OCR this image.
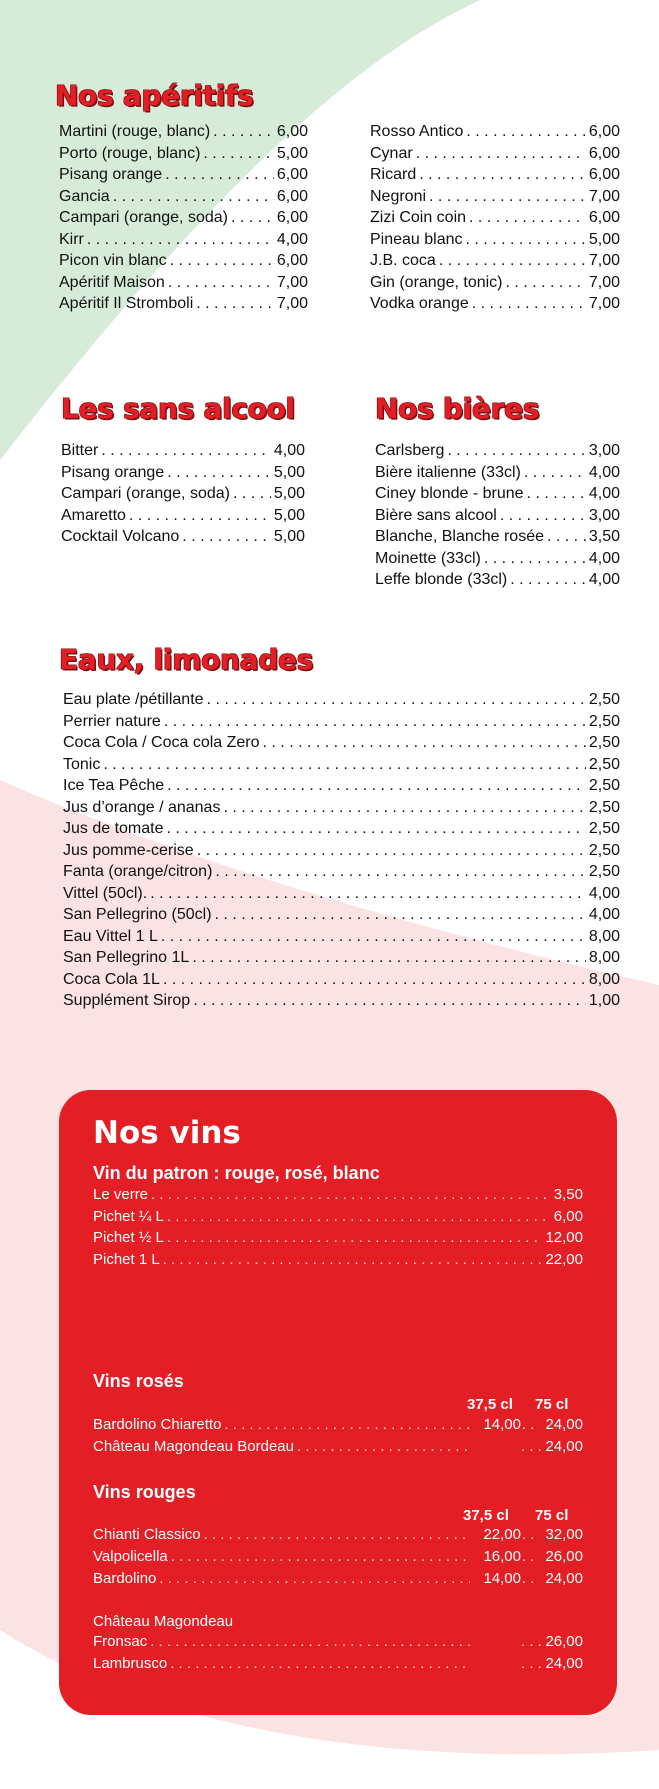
Nos apéritifs
Martini (rouge, blanc) . . .	6,00
Porto (rouge, blanc) . . .	5,00
Pisang orange . . .	6,00
Gancia . . .	6,00
Campari (orange, soda) . . .	6,00
Kirr . . .	4,00
Picon vin blanc . . .	6,00
Apéritif Maison . . .	7,00
Apéritif Il Stromboli . . .	7,00
Rosso Antico . . .	6,00
Cynar . . .	6,00
Ricard . . .	6,00
Negroni . . .	7,00
Zizi Coin coin . . .	6,00
Pineau blanc . . .	5,00
J.B. coca . . .	7,00
Gin (orange, tonic) . . .	7,00
Vodka orange . . .	7,00
Les sans alcool
Bitter . . .	4,00
Pisang orange . . .	5,00
Campari (orange, soda) . . .	5,00
Amaretto . . .	5,00
Cocktail Volcano . . .	5,00
Nos bières
Carlsberg . . .	3,00
Bière italienne (33cl) . . .	4,00
Ciney blonde - brune . . .	4,00
Bière sans alcool . . .	3,00
Blanche, Blanche rosée . . .	3,50
Moinette (33cl) . . .	4,00
Leffe blonde (33cl) . . .	4,00
Eaux, limonades
Eau plate /pétillante . . .	2,50
Perrier nature . . .	2,50
Coca Cola / Coca cola Zero . . .	2,50
Tonic . . .	2,50
Ice Tea Pêche . . .	2,50
Jus d’orange / ananas . . .	2,50
Jus de tomate . . .	2,50
Jus pomme-cerise . . .	2,50
Fanta (orange/citron) . . .	2,50
Vittel (50cl). . . .	4,00
San Pellegrino (50cl) . . .	4,00
Eau Vittel 1 L . . .	8,00
San Pellegrino 1L . . .	8,00
Coca Cola 1L . . .	8,00
Supplément Sirop . . .	1,00
Nos vins
Vin du patron : rouge, rosé, blanc
Le verre . . .	3,50
Pichet ¼ L . . .	6,00
Pichet ½ L . . .	12,00
Pichet 1 L . . .	22,00
Vins rosés
37,5 cl 75 cl
Bardolino Chiaretto . . .	14,00 . . 24,00
Château Magondeau Bordeau . . .	. . . 24,00
Vins rouges
37,5 cl 75 cl
Chianti Classico . . .	22,00 . . 32,00
Valpolicella . . .	16,00 . . 26,00
Bardolino . . .	14,00 . . 24,00
Château Magondeau
Fronsac . . .	. . . 26,00
Lambrusco . . .	. . . 24,00
